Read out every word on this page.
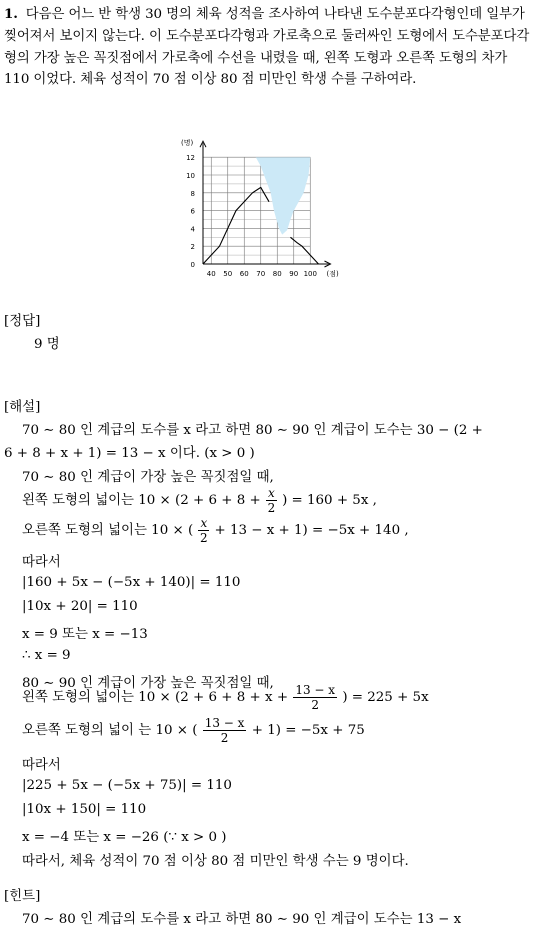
1. 다음은 어느 반 학생 30 명의 체육 성적을 조사하여 나타낸 도수분포다각형인데 일부가 찢어져서 보이지 않는다. 이 도수분포다각형과 가로축으로 둘러싸인 도형에서 도수분포다각형의 가장 높은 꼭짓점에서 가로축에 수선을 내렸을 때, 왼쪽 도형과 오른쪽 도형의 차가 110 이었다. 체육 성적이 70 점 이상 80 점 미만인 학생 수를 구하여라.
0
2
4
6
8
10
12
40 50 60 70 80 90 100
(명)
(점)
[정답]
9 명
[해설]
70 ∼ 80 인 계급의 도수를 x 라고 하면 80 ∼ 90 인 계급이 도수는 30 − (2 +
6 + 8 + x + 1) = 13 − x 이다. (x > 0 )
70 ∼ 80 인 계급이 가장 높은 꼭짓점일 때,
왼쪽 도형의 넓이는 $10 \times (2 + 6 + 8 + \frac{x}{2}$ ) = 160 + 5x ,
오른쪽 도형의 넓이는 10 × ( $\frac{x}{2} + 13 - x + 1) = -5x + 140$ ,
따라서
|160 + 5x − (−5x + 140)| = 110
|10x + 20| = 110
x = 9 또는 x = −13
∴ x = 9
80 ∼ 90 인 계급이 가장 높은 꼭짓점일 때,
왼쪽 도형의 넓이는 $10 \times (2 + 6 + 8 + x + \frac{13 - x}{2}$ ) = 225 + 5x
오른쪽 도형의 넓이 는 10 × ( $\frac{13 - x}{2} + 1) = -5x + 75$
따라서
|225 + 5x − (−5x + 75)| = 110
|10x + 150| = 110
x = −4 또는 x = −26 (∵ x > 0 )
따라서, 체육 성적이 70 점 이상 80 점 미만인 학생 수는 9 명이다.
[힌트]
70 ∼ 80 인 계급의 도수를 x 라고 하면 80 ∼ 90 인 계급이 도수는 13 − x
